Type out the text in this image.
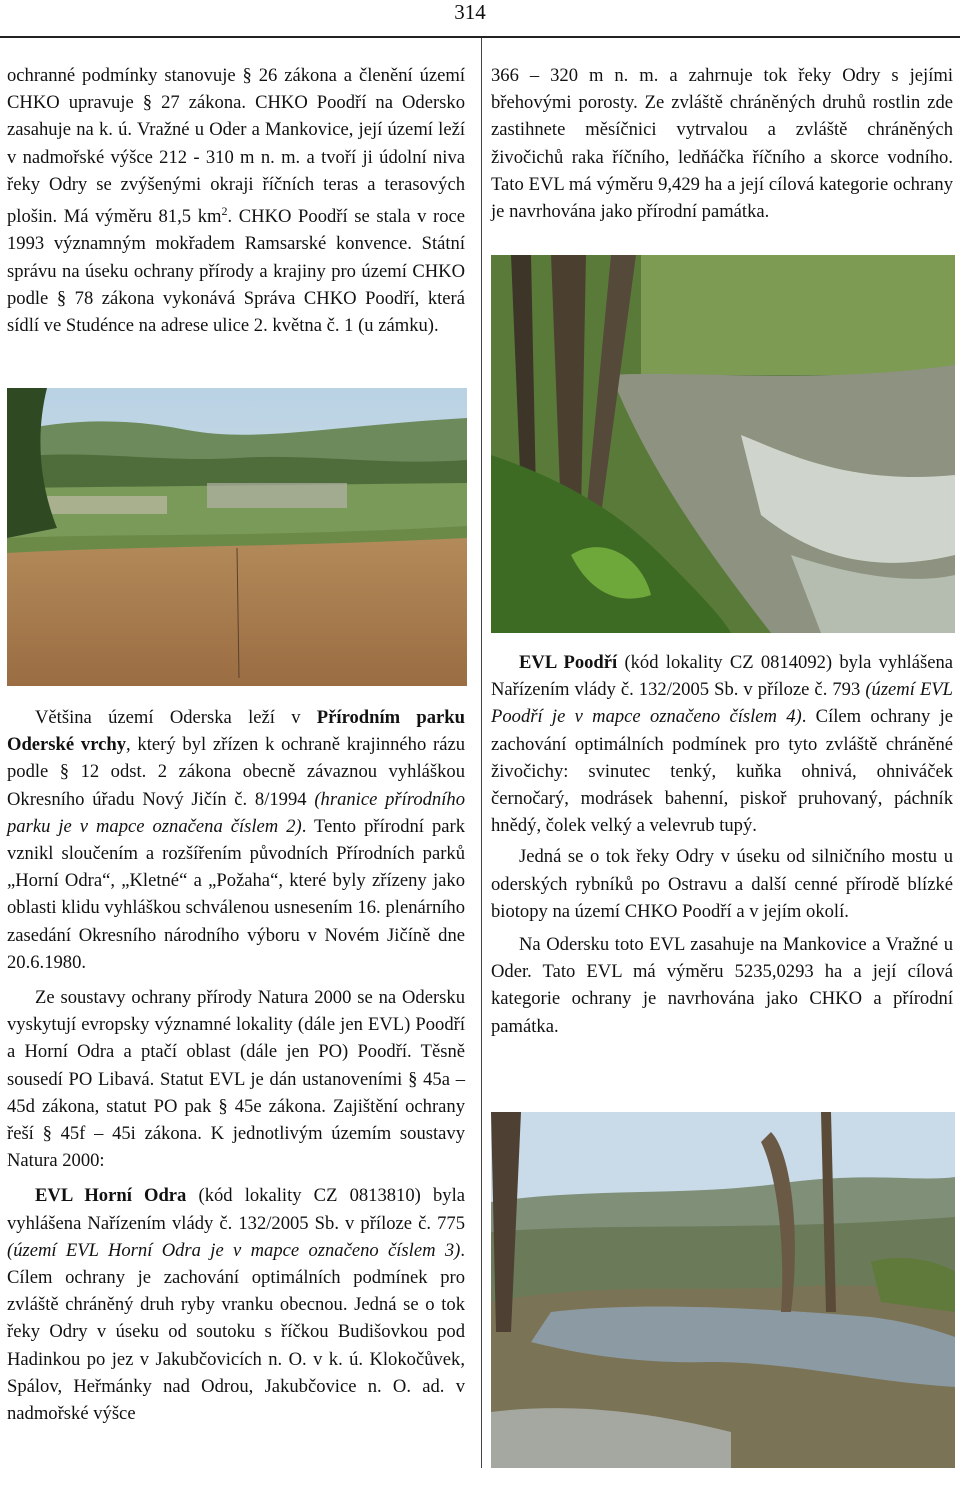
314

ochranné podmínky stanovuje § 26 zákona a členění území CHKO upravuje § 27 zákona. CHKO Poodří na Odersko zasahuje na k. ú. Vražné u Oder a Mankovice, její území leží v nadmořské výšce 212 - 310 m n. m. a tvoří ji údolní niva řeky Odry se zvýšenými okraji říčních teras a terasových plošin. Má výměru 81,5 $km^2$. CHKO Poodří se stala v roce 1993 významným mokřadem Ramsarské konvence. Státní správu na úseku ochrany přírody a krajiny pro území CHKO podle § 78 zákona vykonává Správa CHKO Poodří, která sídlí ve Studénce na adrese ulice 2. května č. 1 (u zámku).

Většina území Oderska leží v Přírodním parku Oderské vrchy, který byl zřízen k ochraně krajinného rázu podle § 12 odst. 2 zákona obecně závaznou vyhláškou Okresního úřadu Nový Jičín č. 8/1994 (hranice přírodního parku je v mapce označena číslem 2). Tento přírodní park vznikl sloučením a rozšířením původních Přírodních parků „Horní Odra“, „Kletné“ a „Požaha“, které byly zřízeny jako oblasti klidu vyhláškou schválenou usnesením 16. plenárního zasedání Okresního národního výboru v Novém Jičíně dne 20.6.1980.

Ze soustavy ochrany přírody Natura 2000 se na Odersku vyskytují evropsky významné lokality (dále jen EVL) Poodří a Horní Odra a ptačí oblast (dále jen PO) Poodří. Těsně sousedí PO Libavá. Statut EVL je dán ustanoveními § 45a – 45d zákona, statut PO pak § 45e zákona. Zajištění ochrany řeší § 45f – 45i zákona. K jednotlivým územím soustavy Natura 2000:

EVL Horní Odra (kód lokality CZ 0813810) byla vyhlášena Nařízením vlády č. 132/2005 Sb. v příloze č. 775 (území EVL Horní Odra je v mapce označeno číslem 3). Cílem ochrany je zachování optimálních podmínek pro zvláště chráněný druh ryby vranku obecnou. Jedná se o tok řeky Odry v úseku od soutoku s říčkou Budišovkou pod Hadinkou po jez v Jakubčovicích n. O. v k. ú. Klokočůvek, Spálov, Heřmánky nad Odrou, Jakubčovice n. O. ad. v nadmořské výšce

366 – 320 m n. m. a zahrnuje tok řeky Odry s jejími břehovými porosty. Ze zvláště chráněných druhů rostlin zde zastihnete měsíčnici vytrvalou a zvláště chráněných živočichů raka říčního, ledňáčka říčního a skorce vodního. Tato EVL má výměru 9,429 ha a její cílová kategorie ochrany je navrhována jako přírodní památka.

EVL Poodří (kód lokality CZ 0814092) byla vyhlášena Nařízením vlády č. 132/2005 Sb. v příloze č. 793 (území EVL Poodří je v mapce označeno číslem 4). Cílem ochrany je zachování optimálních podmínek pro tyto zvláště chráněné živočichy: svinutec tenký, kuňka ohnivá, ohniváček černočarý, modrásek bahenní, piskoř pruhovaný, páchník hnědý, čolek velký a velevrub tupý.

Jedná se o tok řeky Odry v úseku od silničního mostu u oderských rybníků po Ostravu a další cenné přírodě blízké biotopy na území CHKO Poodří a v jejím okolí.

Na Odersku toto EVL zasahuje na Mankovice a Vražné u Oder. Tato EVL má výměru 5235,0293 ha a její cílová kategorie ochrany je navrhována jako CHKO a přírodní památka.
